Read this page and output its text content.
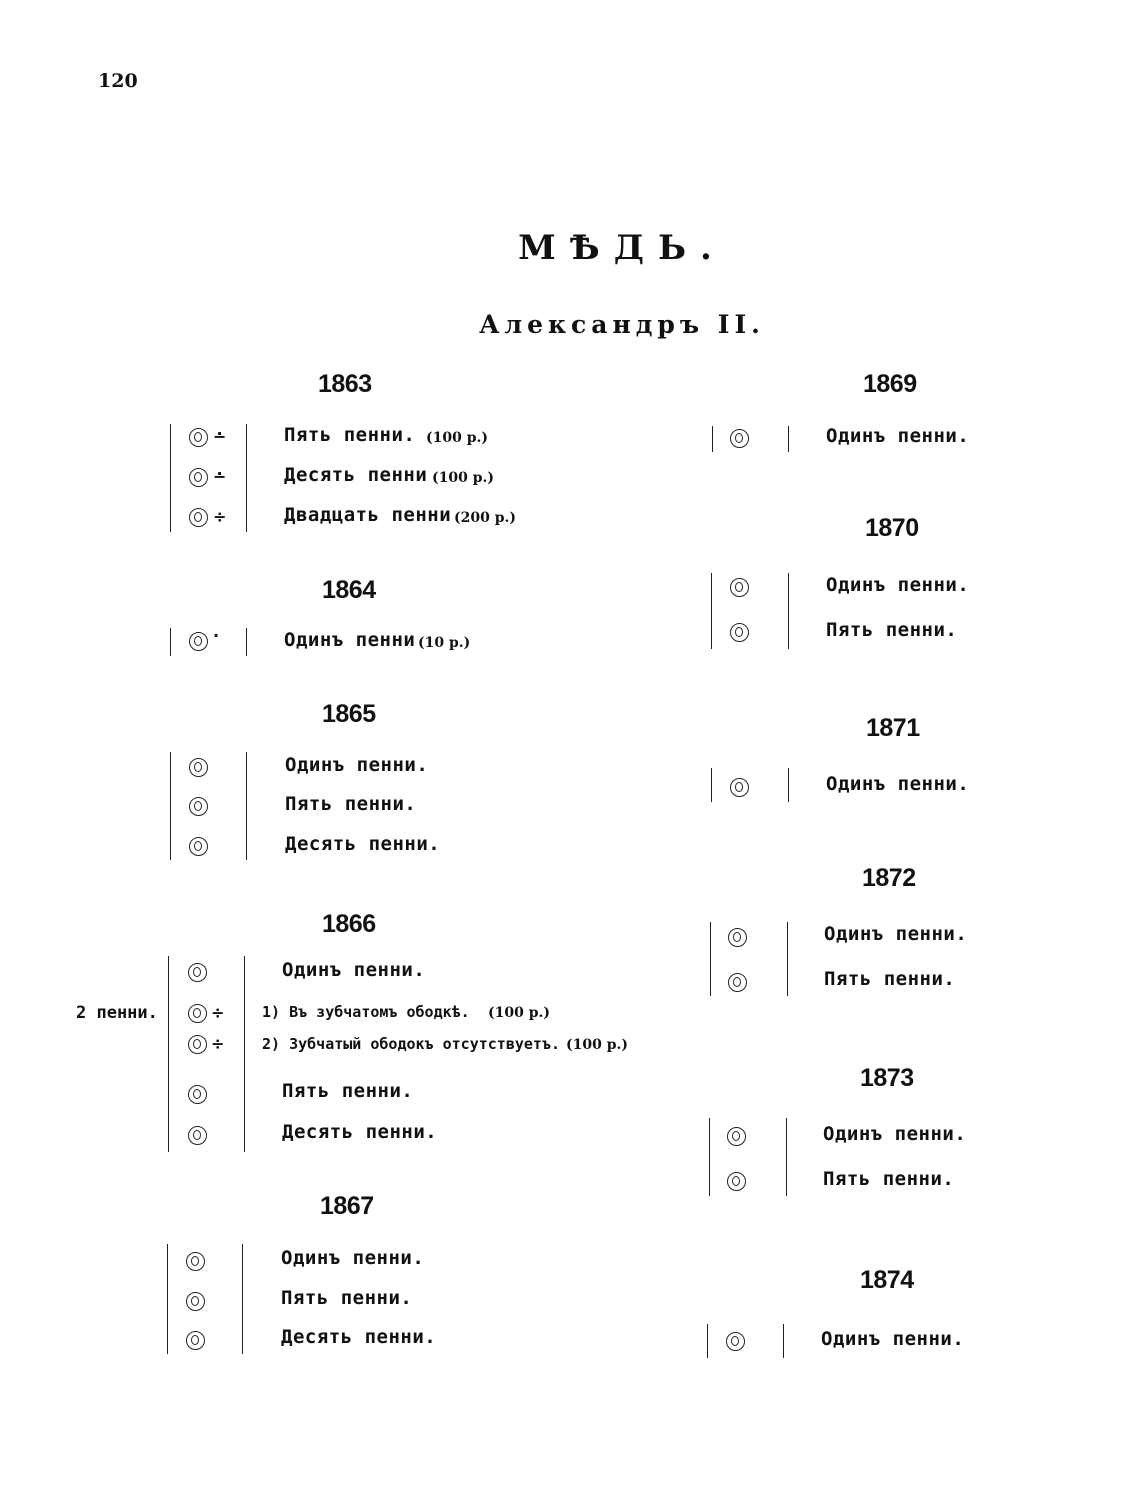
120
МѢДЬ.
Александръ II.
1863
∸	Пять пенни. (100 р.)
∸	Десять пенни (100 р.)
÷	Двадцать пенни (200 р.)
1864
·	Одинъ пенни (10 р.)
1865
Одинъ пенни.
Пять пенни.
Десять пенни.
1866
Одинъ пенни.
2 пенни.	÷	1) Въ зубчатомъ ободкѣ. (100 р.)
÷	2) Зубчатый ободокъ отсутствуетъ. (100 р.)
Пять пенни.
Десять пенни.
1867
Одинъ пенни.
Пять пенни.
Десять пенни.
1869
Одинъ пенни.
1870
Одинъ пенни.
Пять пенни.
1871
Одинъ пенни.
1872
Одинъ пенни.
Пять пенни.
1873
Одинъ пенни.
Пять пенни.
1874
Одинъ пенни.
